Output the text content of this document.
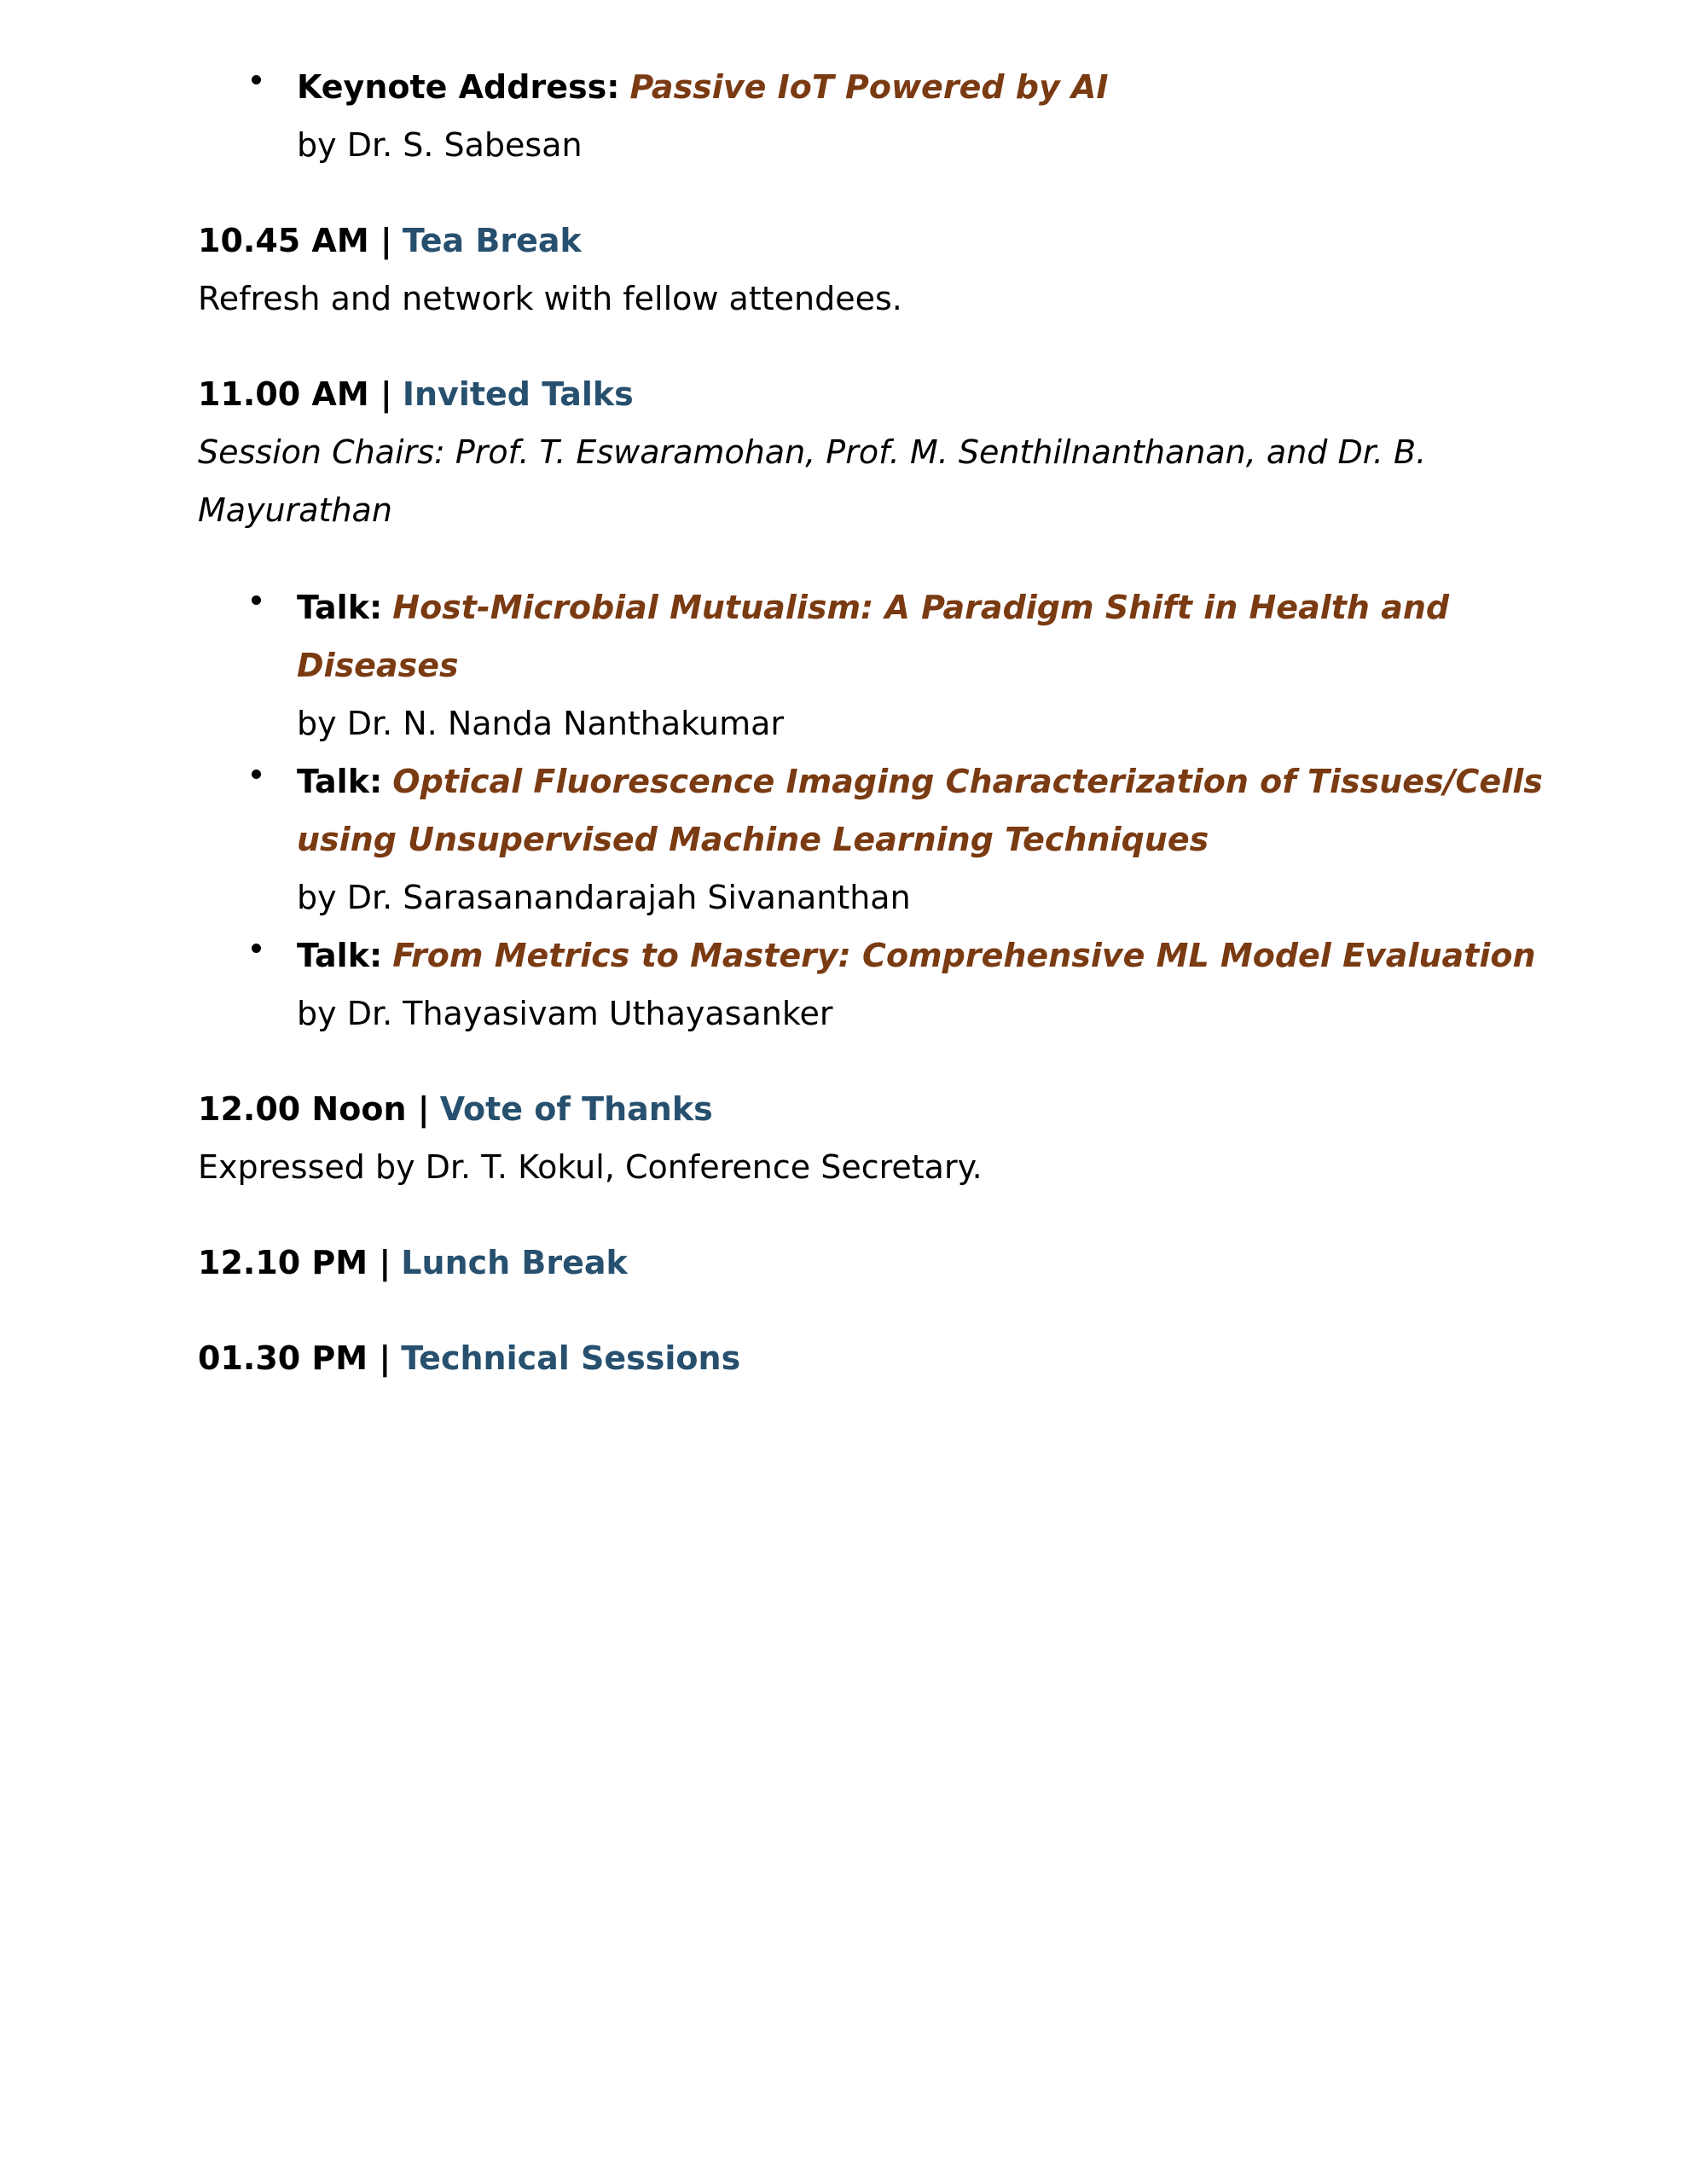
Keynote Address: Passive IoT Powered by AI
by Dr. S. Sabesan
10.45 AM | Tea Break
Refresh and network with fellow attendees.
11.00 AM | Invited Talks
Session Chairs: Prof. T. Eswaramohan, Prof. M. Senthilnanthanan, and Dr. B.
Mayurathan
Talk: Host-Microbial Mutualism: A Paradigm Shift in Health and
Diseases
by Dr. N. Nanda Nanthakumar
Talk: Optical Fluorescence Imaging Characterization of Tissues/Cells
using Unsupervised Machine Learning Techniques
by Dr. Sarasanandarajah Sivananthan
Talk: From Metrics to Mastery: Comprehensive ML Model Evaluation
by Dr. Thayasivam Uthayasanker
12.00 Noon | Vote of Thanks
Expressed by Dr. T. Kokul, Conference Secretary.
12.10 PM | Lunch Break
01.30 PM | Technical Sessions
